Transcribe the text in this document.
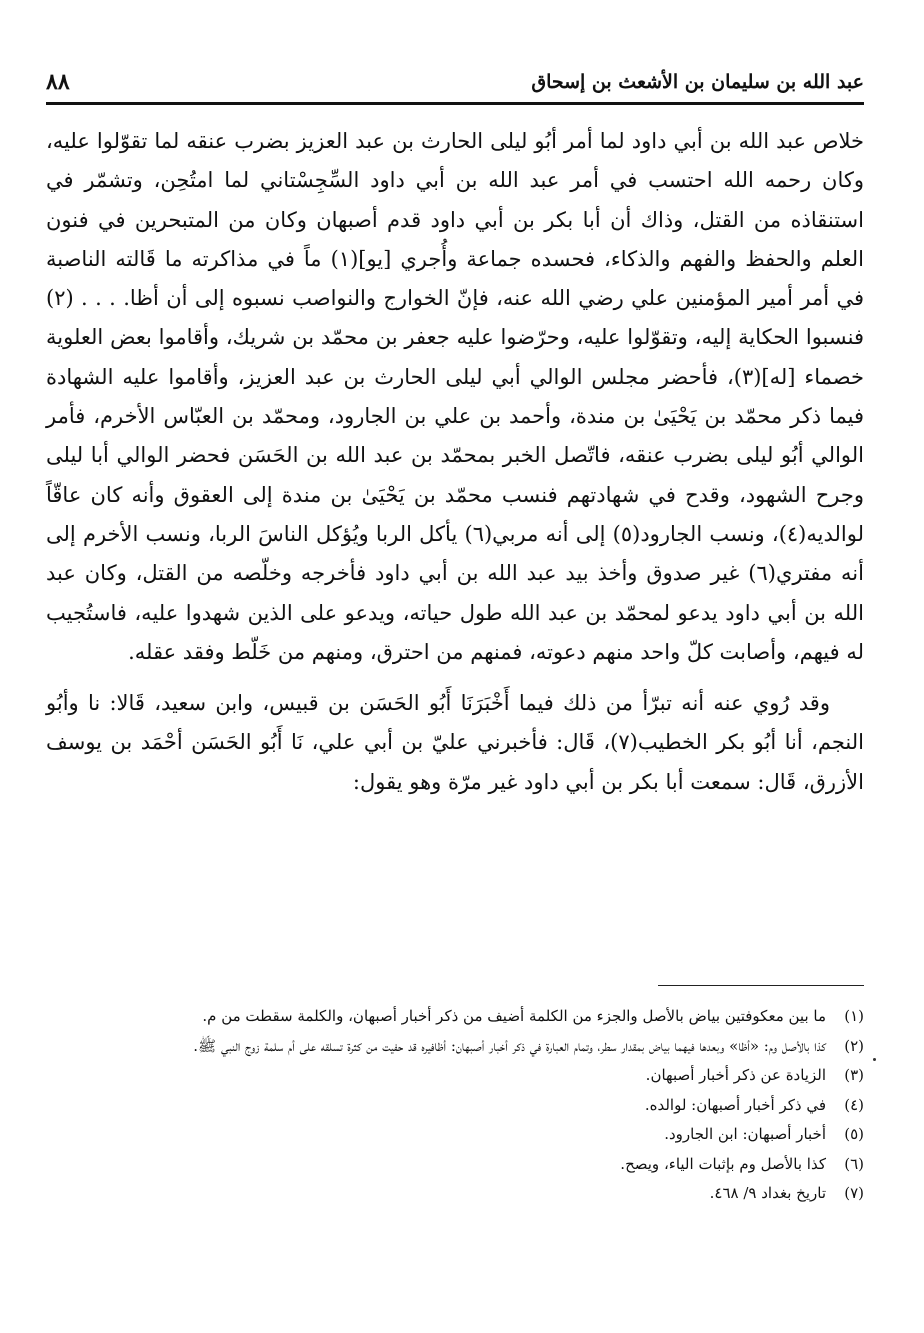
عبد الله بن سليمان بن الأشعث بن إسحاق
٨٨

خلاص عبد الله بن أبي داود لما أمر أبُو ليلى الحارث بن عبد العزيز بضرب عنقه لما تقوّلوا عليه، وكان رحمه الله احتسب في أمر عبد الله بن أبي داود السِّجِسْتاني لما امتُحِن، وتشمّر في استنقاذه من القتل، وذاك أن أبا بكر بن أبي داود قدم أصبهان وكان من المتبحرين في فنون العلم والحفظ والفهم والذكاء، فحسده جماعة وأُجري [يو](١) ماً في مذاكرته ما قَالته الناصبة في أمر أمير المؤمنين علي رضي الله عنه، فإنّ الخوارج والنواصب نسبوه إلى أن أظا. . . . (٢) فنسبوا الحكاية إليه، وتقوّلوا عليه، وحرّضوا عليه جعفر بن محمّد بن شريك، وأقاموا بعض العلوية خصماء [له](٣)، فأحضر مجلس الوالي أبي ليلى الحارث بن عبد العزيز، وأقاموا عليه الشهادة فيما ذكر محمّد بن يَحْيَىٰ بن مندة، وأحمد بن علي بن الجارود، ومحمّد بن العبّاس الأخرم، فأمر الوالي أبُو ليلى بضرب عنقه، فاتّصل الخبر بمحمّد بن عبد الله بن الحَسَن فحضر الوالي أبا ليلى وجرح الشهود، وقدح في شهادتهم فنسب محمّد بن يَحْيَىٰ بن مندة إلى العقوق وأنه كان عاقّاً لوالديه(٤)، ونسب الجارود(٥) إلى أنه مربي(٦) يأكل الربا ويُؤكل الناسَ الربا، ونسب الأخرم إلى أنه مفتري(٦) غير صدوق وأخذ بيد عبد الله بن أبي داود فأخرجه وخلّصه من القتل، وكان عبد الله بن أبي داود يدعو لمحمّد بن عبد الله طول حياته، ويدعو على الذين شهدوا عليه، فاستُجيب له فيهم، وأصابت كلّ واحد منهم دعوته، فمنهم من احترق، ومنهم من خَلّط وفقد عقله.

وقد رُوي عنه أنه تبرّأ من ذلك فيما أَخْبَرَنَا أَبُو الحَسَن بن قبيس، وابن سعيد، قَالا: نا وأبُو النجم، أنا أبُو بكر الخطيب(٧)، قَال: فأخبرني عليّ بن أبي علي، نَا أَبُو الحَسَن أحْمَد بن يوسف الأزرق، قَال: سمعت أبا بكر بن أبي داود غير مرّة وهو يقول:

(١)
ما بين معكوفتين بياض بالأصل والجزء من الكلمة أضيف من ذكر أخبار أصبهان، والكلمة سقطت من م.
(٢)
كذا بالأصل وم: «أظا» وبعدها فيهما بياض بمقدار سطر، وتمام العبارة في ذكر أخبار أصبهان: أظافيره قد حفيت من كثرة تسلقه على أم سلمة زوج النبي ﷺ.
(٣)
الزيادة عن ذكر أخبار أصبهان.
(٤)
في ذكر أخبار أصبهان: لوالده.
(٥)
أخبار أصبهان: ابن الجارود.
(٦)
كذا بالأصل وم بإثبات الياء، ويصح.
(٧)
تاريخ بغداد ٩/ ٤٦٨.
